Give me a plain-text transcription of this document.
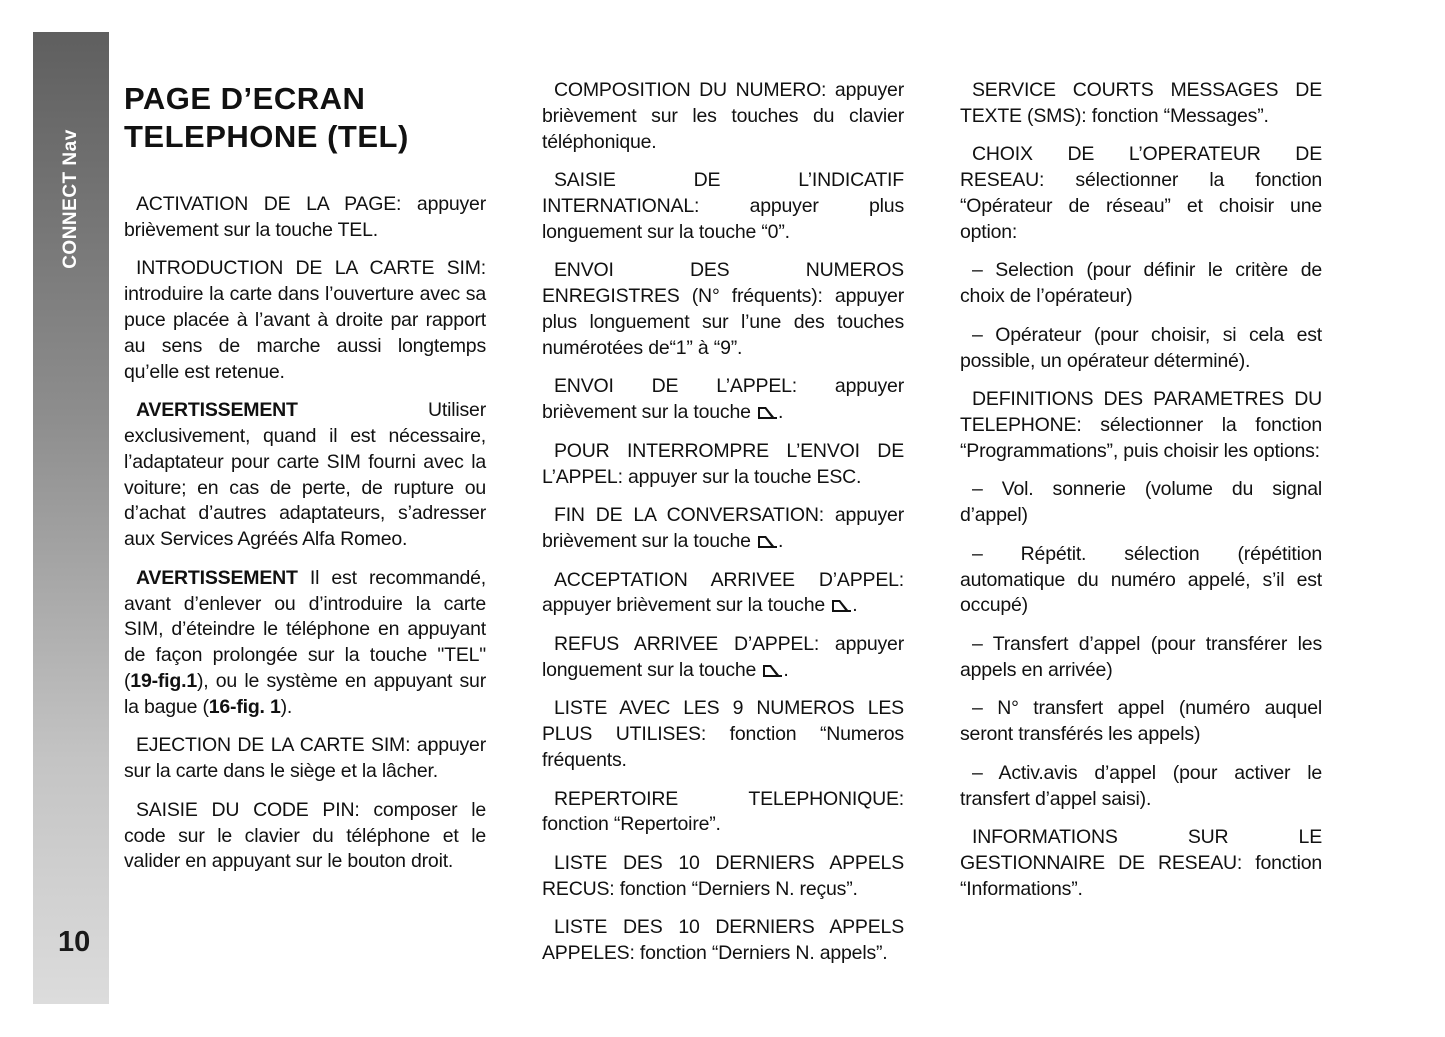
CONNECT Nav
10
PAGE D’ECRAN
TELEPHONE (TEL)

ACTIVATION DE LA PAGE: appuyer brièvement sur la touche TEL.

INTRODUCTION DE LA CARTE SIM: introduire la carte dans l’ouverture avec sa puce placée à l’avant à droite par rapport au sens de marche aussi longtemps qu’elle est retenue.

AVERTISSEMENT Utiliser exclusivement, quand il est nécessaire, l’adaptateur pour carte SIM fourni avec la voiture; en cas de perte, de rupture ou d’achat d’autres adaptateurs, s’adresser aux Services Agréés Alfa Romeo.

AVERTISSEMENT Il est recommandé, avant d’enlever ou d’introduire la carte SIM, d’éteindre le téléphone en appuyant de façon prolongée sur la touche "TEL" (19-fig.1), ou le système en appuyant sur la bague (16-fig. 1).

EJECTION DE LA CARTE SIM: appuyer sur la carte dans le siège et la lâcher.

SAISIE DU CODE PIN: composer le code sur le clavier du téléphone et le valider en appuyant sur le bouton droit.

COMPOSITION DU NUMERO: appuyer brièvement sur les touches du clavier téléphonique.

SAISIE DE L’INDICATIF INTERNATIONAL: appuyer plus longuement sur la touche “0”.

ENVOI DES NUMEROS ENREGISTRES (N° fréquents): appuyer plus longuement sur l’une des touches numérotées de“1” à “9”.

ENVOI DE L’APPEL: appuyer brièvement sur la touche .

POUR INTERROMPRE L’ENVOI DE L’APPEL: appuyer sur la touche ESC.

FIN DE LA CONVERSATION: appuyer brièvement sur la touche .

ACCEPTATION ARRIVEE D’APPEL: appuyer brièvement sur la touche .

REFUS ARRIVEE D’APPEL: appuyer longuement sur la touche .

LISTE AVEC LES 9 NUMEROS LES PLUS UTILISES: fonction “Numeros fréquents.

REPERTOIRE TELEPHONIQUE: fonction “Repertoire”.

LISTE DES 10 DERNIERS APPELS RECUS: fonction “Derniers N. reçus”.

LISTE DES 10 DERNIERS APPELS APPELES: fonction “Derniers N. appels”.

SERVICE COURTS MESSAGES DE TEXTE (SMS): fonction “Messages”.

CHOIX DE L’OPERATEUR DE RESEAU: sélectionner la fonction “Opérateur de réseau” et choisir une option:

– Selection (pour définir le critère de choix de l’opérateur)

– Opérateur (pour choisir, si cela est possible, un opérateur déterminé).

DEFINITIONS DES PARAMETRES DU TELEPHONE: sélectionner la fonction “Programmations”, puis choisir les options:

– Vol. sonnerie (volume du signal d’appel)

– Répétit. sélection (répétition automatique du numéro appelé, s’il est occupé)

– Transfert d’appel (pour transférer les appels en arrivée)

– N° transfert appel (numéro auquel seront transférés les appels)

– Activ.avis d’appel (pour activer le transfert d’appel saisi).

INFORMATIONS SUR LE GESTIONNAIRE DE RESEAU: fonction “Informations”.
